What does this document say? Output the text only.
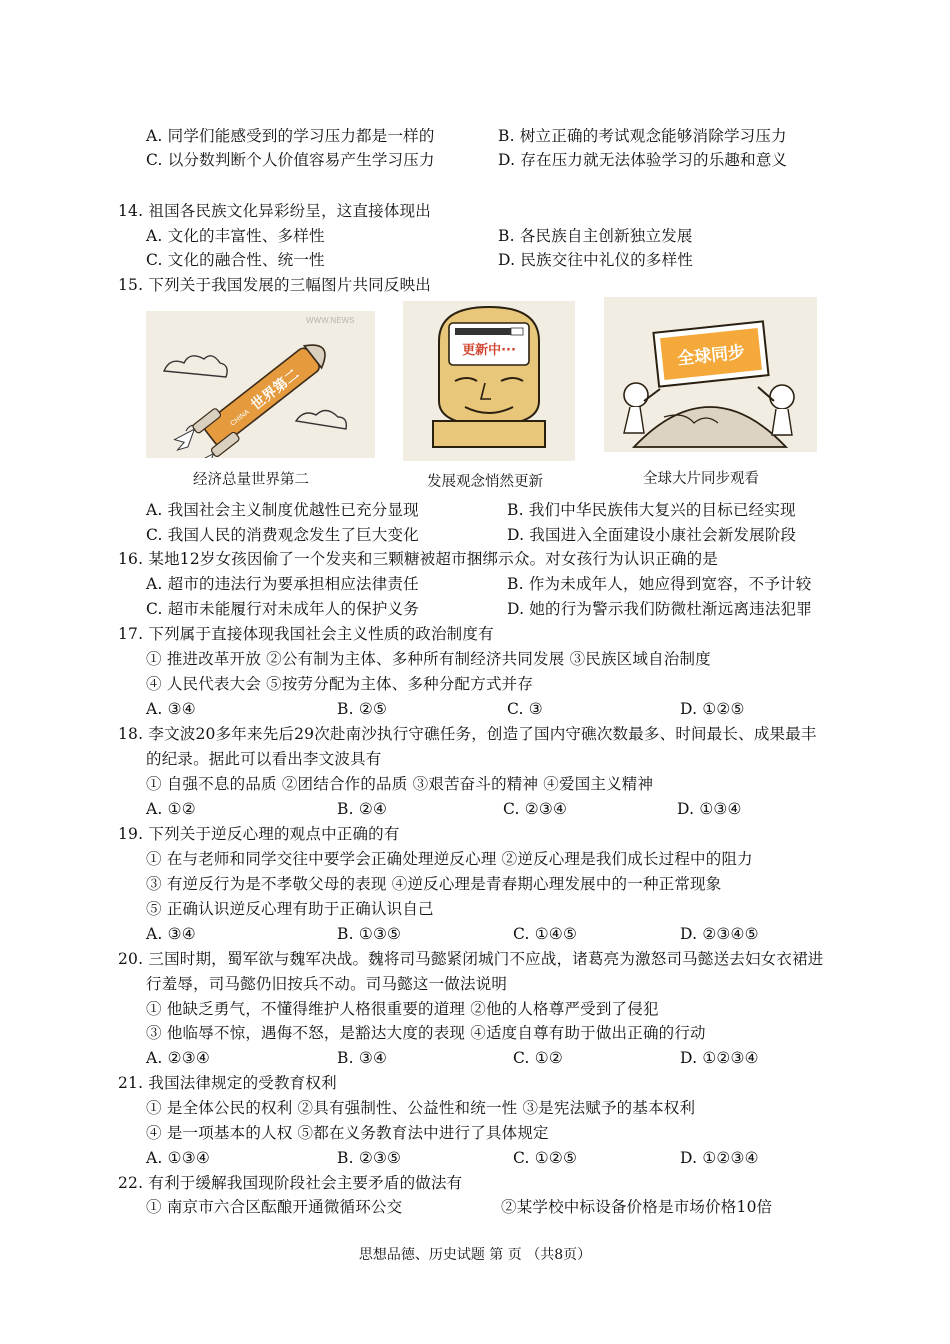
A. 同学们能感受到的学习压力都是一样的	B. 树立正确的考试观念能够消除学习压力
C. 以分数判断个人价值容易产生学习压力	D. 存在压力就无法体验学习的乐趣和意义
14. 祖国各民族文化异彩纷呈，这直接体现出
A. 文化的丰富性、多样性	B. 各民族自主创新独立发展
C. 文化的融合性、统一性	D. 民族交往中礼仪的多样性
15. 下列关于我国发展的三幅图片共同反映出
WWW.NEWS
CHINA
世界第二
更新中···	全球同步
经济总量世界第二	发展观念悄然更新	全球大片同步观看
A. 我国社会主义制度优越性已充分显现	B. 我们中华民族伟大复兴的目标已经实现
C. 我国人民的消费观念发生了巨大变化	D. 我国进入全面建设小康社会新发展阶段
16. 某地12岁女孩因偷了一个发夹和三颗糖被超市捆绑示众。对女孩行为认识正确的是
A. 超市的违法行为要承担相应法律责任	B. 作为未成年人，她应得到宽容，不予计较
C. 超市未能履行对未成年人的保护义务	D. 她的行为警示我们防微杜渐远离违法犯罪
17. 下列属于直接体现我国社会主义性质的政治制度有
① 推进改革开放 ②公有制为主体、多种所有制经济共同发展 ③民族区域自治制度
④ 人民代表大会 ⑤按劳分配为主体、多种分配方式并存
A. ③④	B. ②⑤	C. ③	D. ①②⑤
18. 李文波20多年来先后29次赴南沙执行守礁任务，创造了国内守礁次数最多、时间最长、成果最丰
的纪录。据此可以看出李文波具有
① 自强不息的品质 ②团结合作的品质 ③艰苦奋斗的精神 ④爱国主义精神
A. ①②	B. ②④	C. ②③④	D. ①③④
19. 下列关于逆反心理的观点中正确的有
① 在与老师和同学交往中要学会正确处理逆反心理 ②逆反心理是我们成长过程中的阻力
③ 有逆反行为是不孝敬父母的表现 ④逆反心理是青春期心理发展中的一种正常现象
⑤ 正确认识逆反心理有助于正确认识自己
A. ③④	B. ①③⑤	C. ①④⑤	D. ②③④⑤
20. 三国时期，蜀军欲与魏军决战。魏将司马懿紧闭城门不应战，诸葛亮为激怒司马懿送去妇女衣裙进
行羞辱，司马懿仍旧按兵不动。司马懿这一做法说明
① 他缺乏勇气，不懂得维护人格很重要的道理 ②他的人格尊严受到了侵犯
③ 他临辱不惊，遇侮不怒，是豁达大度的表现 ④适度自尊有助于做出正确的行动
A. ②③④	B. ③④	C. ①②	D. ①②③④
21. 我国法律规定的受教育权利
① 是全体公民的权利 ②具有强制性、公益性和统一性 ③是宪法赋予的基本权利
④ 是一项基本的人权 ⑤都在义务教育法中进行了具体规定
A. ①③④	B. ②③⑤	C. ①②⑤	D. ①②③④
22. 有利于缓解我国现阶段社会主要矛盾的做法有
① 南京市六合区酝酿开通微循环公交	②某学校中标设备价格是市场价格10倍
思想品德、历史试题 第 页 （共8页）
